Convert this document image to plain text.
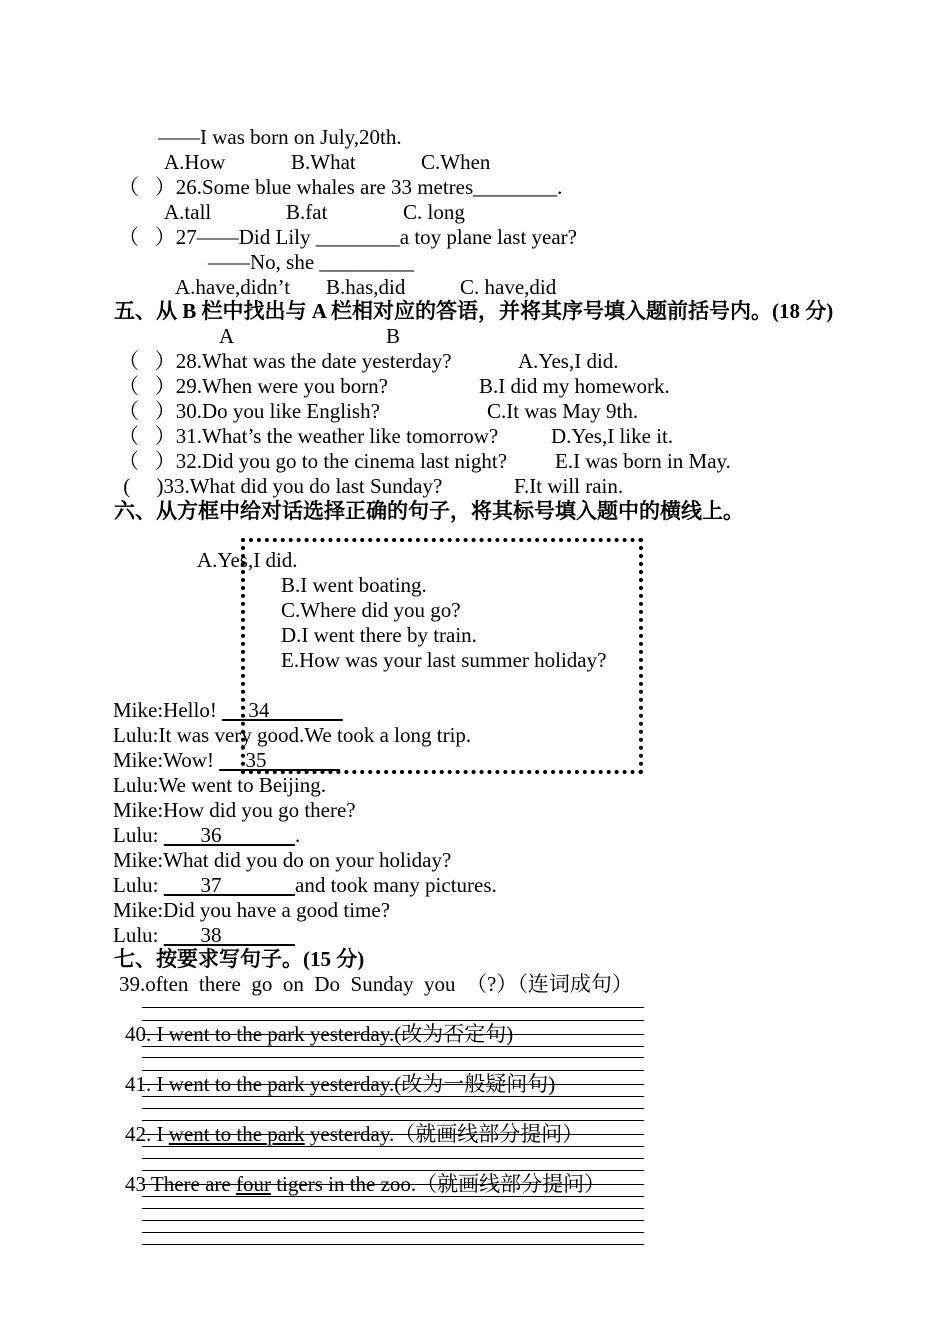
——I was born on July,20th.
A.How	B.What	C.When
（   ）26.Some blue whales are 33 metres________.
A.tall	B.fat	C. long
（   ）27——Did Lily ________a toy plane last year?
——No, she _________
A.have,didn’t B.has,did	C. have,did
五、从 B 栏中找出与 A 栏相对应的答语，并将其序号填入题前括号内。(18 分)
A	B
（   ）28.What was the date yesterday?	A.Yes,I did.
（   ）29.When were you born?	B.I did my homework.
（   ）30.Do you like English?	C.It was May 9th.
（   ）31.What’s the weather like tomorrow?	D.Yes,I like it.
（   ）32.Did you go to the cinema last night? E.I was born in May.
(     )33.What did you do last Sunday?	F.It will rain.
六、从方框中给对话选择正确的句子，将其标号填入题中的横线上。
A.Yes,I did.
B.I went boating.
C.Where did you go?
D.I went there by train.
E.How was your last summer holiday?
Mike:Hello!      34
Lulu:It was very good.We took a long trip.
Mike:Wow!      35
Lulu:We went to Beijing.
Mike:How did you go there?
Lulu:        36              .
Mike:What did you do on your holiday?
Lulu:        37              and took many pictures.
Mike:Did you have a good time?
Lulu:        38
七、按要求写句子。(15 分)
39.often  there  go  on  Do  Sunday  you  （?）（连词成句）
40. I went to the park yesterday.(改为否定句)
41. I went to the park yesterday.(改为一般疑问句)
42. I went to the park yesterday.（就画线部分提问）
43 There are four tigers in the zoo.（就画线部分提问）
